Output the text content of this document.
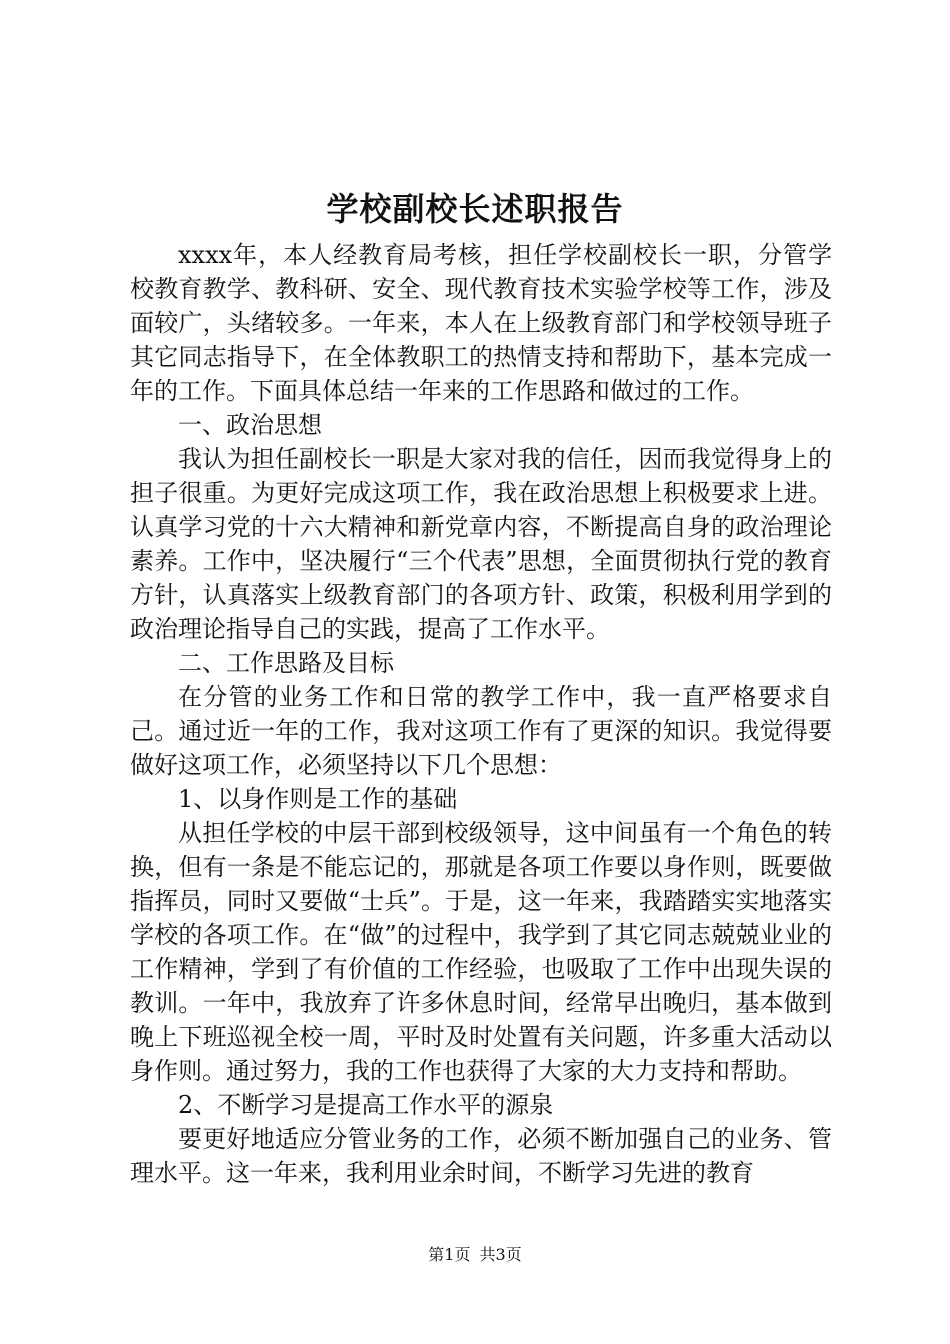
学校副校长述职报告

xxxx年，本人经教育局考核，担任学校副校长一职，分管学校教育教学、教科研、安全、现代教育技术实验学校等工作，涉及面较广，头绪较多。一年来，本人在上级教育部门和学校领导班子其它同志指导下，在全体教职工的热情支持和帮助下，基本完成一年的工作。下面具体总结一年来的工作思路和做过的工作。

一、政治思想

我认为担任副校长一职是大家对我的信任，因而我觉得身上的担子很重。为更好完成这项工作，我在政治思想上积极要求上进。认真学习党的十六大精神和新党章内容，不断提高自身的政治理论素养。工作中，坚决履行“三个代表”思想，全面贯彻执行党的教育方针，认真落实上级教育部门的各项方针、政策，积极利用学到的政治理论指导自己的实践，提高了工作水平。

二、工作思路及目标

在分管的业务工作和日常的教学工作中，我一直严格要求自己。通过近一年的工作，我对这项工作有了更深的知识。我觉得要做好这项工作，必须坚持以下几个思想：

1、以身作则是工作的基础

从担任学校的中层干部到校级领导，这中间虽有一个角色的转换，但有一条是不能忘记的，那就是各项工作要以身作则，既要做指挥员，同时又要做“士兵”。于是，这一年来，我踏踏实实地落实学校的各项工作。在“做”的过程中，我学到了其它同志兢兢业业的工作精神，学到了有价值的工作经验，也吸取了工作中出现失误的教训。一年中，我放弃了许多休息时间，经常早出晚归，基本做到晚上下班巡视全校一周，平时及时处置有关问题，许多重大活动以身作则。通过努力，我的工作也获得了大家的大力支持和帮助。

2、不断学习是提高工作水平的源泉

要更好地适应分管业务的工作，必须不断加强自己的业务、管理水平。这一年来，我利用业余时间，不断学习先进的教育

第1页 共3页
